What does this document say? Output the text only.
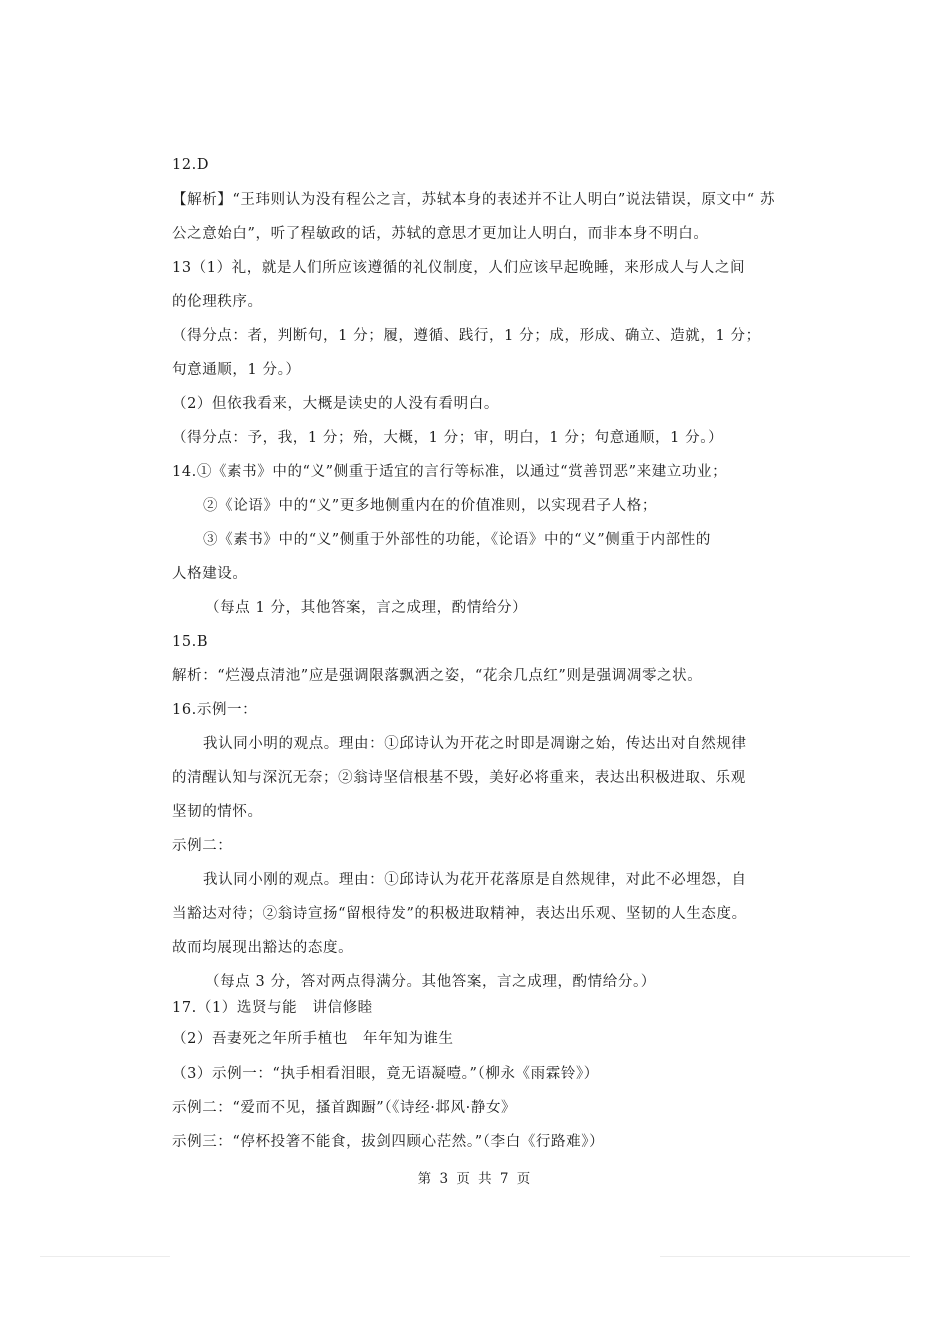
12.D
【解析】“王玮则认为没有程公之言，苏轼本身的表述并不让人明白”说法错误，原文中“ 苏
公之意始白”，听了程敏政的话，苏轼的意思才更加让人明白，而非本身不明白。
13（1）礼，就是人们所应该遵循的礼仪制度，人们应该早起晚睡，来形成人与人之间
的伦理秩序。
（得分点：者，判断句，1 分；履，遵循、践行，1 分；成，形成、确立、造就，1 分；
句意通顺，1 分。）
（2）但依我看来，大概是读史的人没有看明白。
（得分点：予，我，1 分；殆，大概，1 分；审，明白，1 分；句意通顺，1 分。）
14.①《素书》中的“义”侧重于适宜的言行等标准，以通过“赏善罚恶”来建立功业；
②《论语》中的“义”更多地侧重内在的价值准则，以实现君子人格；
③《素书》中的“义”侧重于外部性的功能，《论语》中的“义”侧重于内部性的
人格建设。
（每点 1 分，其他答案，言之成理，酌情给分）
15.B
解析：“烂漫点清池”应是强调限落飘洒之姿，“花余几点红”则是强调凋零之状。
16.示例一：
我认同小明的观点。理由：①邱诗认为开花之时即是凋谢之始，传达出对自然规律
的清醒认知与深沉无奈；②翁诗坚信根基不毁，美好必将重来，表达出积极进取、乐观
坚韧的情怀。
示例二：
我认同小刚的观点。理由：①邱诗认为花开花落原是自然规律，对此不必埋怨，自
当豁达对待；②翁诗宣扬“留根待发”的积极进取精神，表达出乐观、坚韧的人生态度。
故而均展现出豁达的态度。
（每点 3 分，答对两点得满分。其他答案，言之成理，酌情给分。）
17.（1）选贤与能　讲信修睦
（2）吾妻死之年所手植也　年年知为谁生
（3）示例一：“执手相看泪眼，竟无语凝噎。”（柳永《雨霖铃》）
示例二：“爱而不见，搔首踟蹰”（《诗经·邶风·静女》
示例三：“停杯投箸不能食，拔剑四顾心茫然。”（李白《行路难》）
第 3 页 共 7 页
